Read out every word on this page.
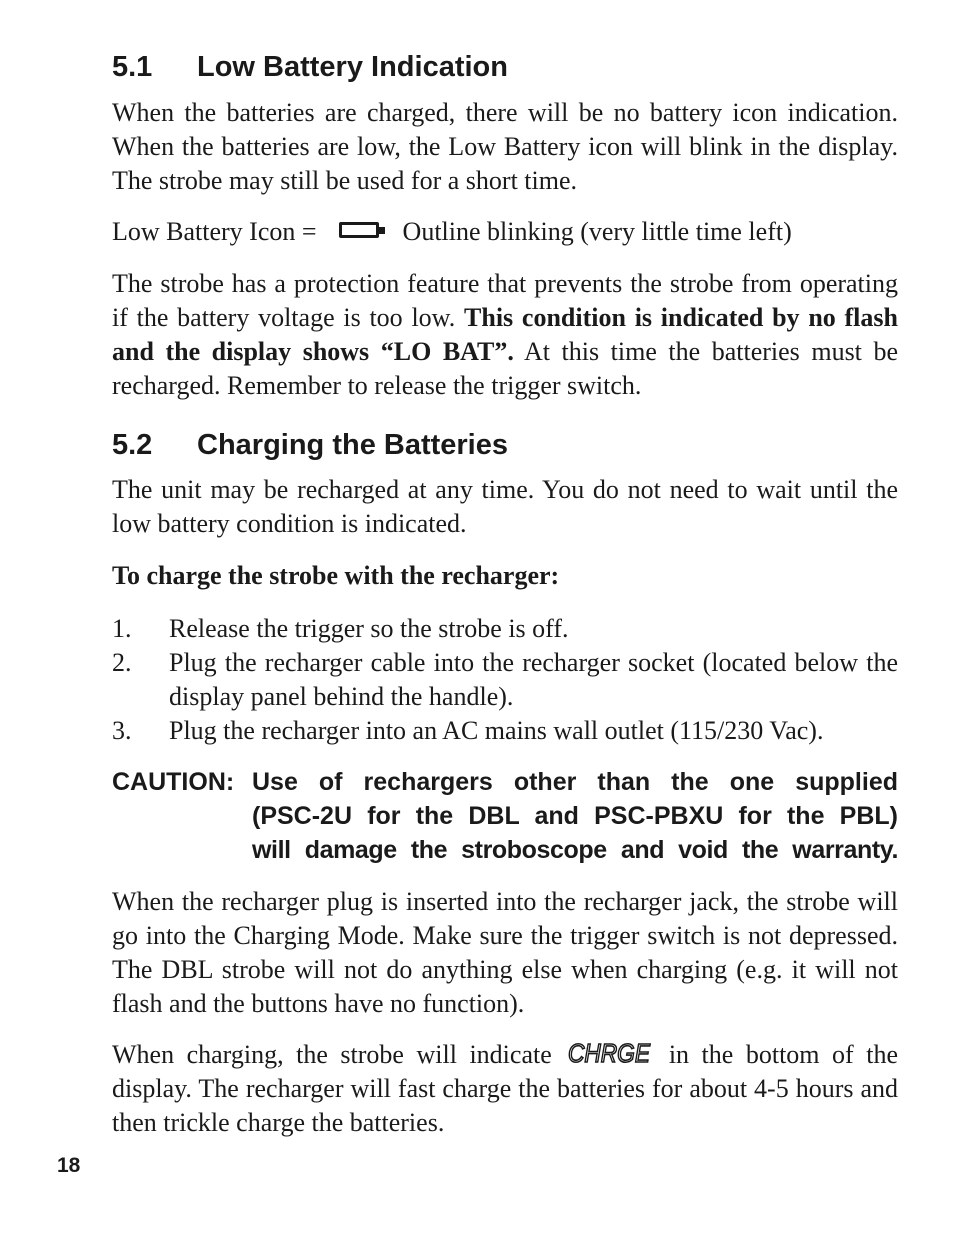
5.1 Low Battery Indication

When the batteries are charged, there will be no battery icon indication. When the batteries are low, the Low Battery icon will blink in the display. The strobe may still be used for a short time.

Low Battery Icon =	Outline blinking (very little time left)

The strobe has a protection feature that prevents the strobe from operating if the battery voltage is too low. This condition is indicated by no flash and the display shows “LO BAT”. At this time the batteries must be recharged. Remember to release the trigger switch.

5.2 Charging the Batteries

The unit may be recharged at any time. You do not need to wait until the low battery condition is indicated.

To charge the strobe with the recharger:

1. Release the trigger so the strobe is off.
2. Plug the recharger cable into the recharger socket (located below the display panel behind the handle).
3. Plug the recharger into an AC mains wall outlet (115/230 Vac).
CAUTION: Use of rechargers other than the one supplied
(PSC-2U for the DBL and PSC-PBXU for the PBL)
will damage the stroboscope and void the warranty.

When the recharger plug is inserted into the recharger jack, the strobe will go into the Charging Mode. Make sure the trigger switch is not depressed. The DBL strobe will not do anything else when charging (e.g. it will not flash and the buttons have no function).

When charging, the strobe will indicate CHRGE in the bottom of the display. The recharger will fast charge the batteries for about 4-5 hours and then trickle charge the batteries.

18
